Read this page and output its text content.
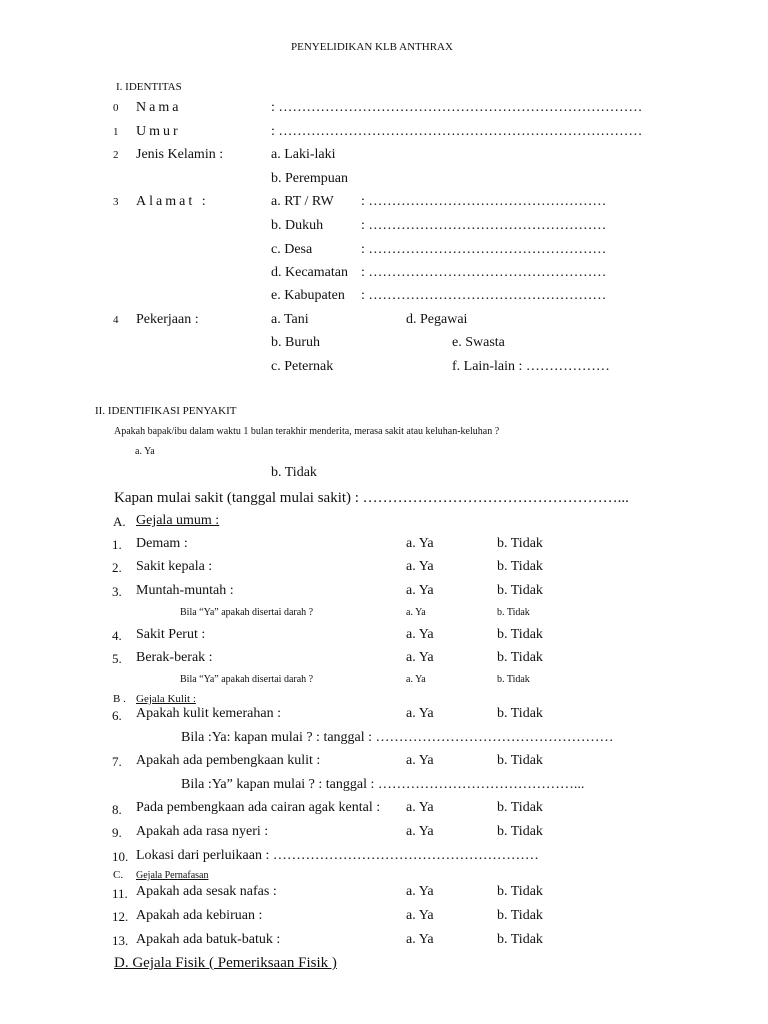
PENYELIDIKAN KLB ANTHRAX
I. IDENTITAS
0 Nama	: ……………………………………………………………………
1 Umur	: ……………………………………………………………………
2 Jenis Kelamin :	a. Laki-laki
b. Perempuan
3 Alamat :	a. RT / RW : ……………………………………………
b. Dukuh	: ……………………………………………
c. Desa	: ……………………………………………
d. Kecamatan : ……………………………………………
e. Kabupaten : ……………………………………………
4 Pekerjaan :	a. Tani	d. Pegawai
b. Buruh	e. Swasta
c. Peternak	f. Lain-lain : ………………
II. IDENTIFIKASI PENYAKIT
Apakah bapak/ibu dalam waktu 1 bulan terakhir menderita, merasa sakit atau keluhan-keluhan ?
a. Ya
b. Tidak
Kapan mulai sakit (tanggal mulai sakit) : ……………………………………………...
A. Gejala umum :
1. Demam :	a. Ya	b. Tidak
2. Sakit kepala :	a. Ya	b. Tidak
3. Muntah-muntah :	a. Ya	b. Tidak
Bila “Ya” apakah disertai darah ?	a. Ya	b. Tidak
4. Sakit Perut :	a. Ya	b. Tidak
5. Berak-berak :	a. Ya	b. Tidak
Bila “Ya” apakah disertai darah ?	a. Ya	b. Tidak
B . Gejala Kulit :
6. Apakah kulit kemerahan :	a. Ya	b. Tidak
Bila :Ya: kapan mulai ? : tanggal : ……………………………………………
7. Apakah ada pembengkaan kulit :	a. Ya	b. Tidak
Bila :Ya” kapan mulai ? : tanggal : ……………………………………...
8. Pada pembengkaan ada cairan agak kental : a. Ya	b. Tidak
9. Apakah ada rasa nyeri :	a. Ya	b. Tidak
10. Lokasi dari perluikaan : …………………………………………………
C. Gejala Pernafasan
11. Apakah ada sesak nafas :	a. Ya	b. Tidak
12. Apakah ada kebiruan :	a. Ya	b. Tidak
13. Apakah ada batuk-batuk :	a. Ya	b. Tidak
D. Gejala Fisik ( Pemeriksaan Fisik )
